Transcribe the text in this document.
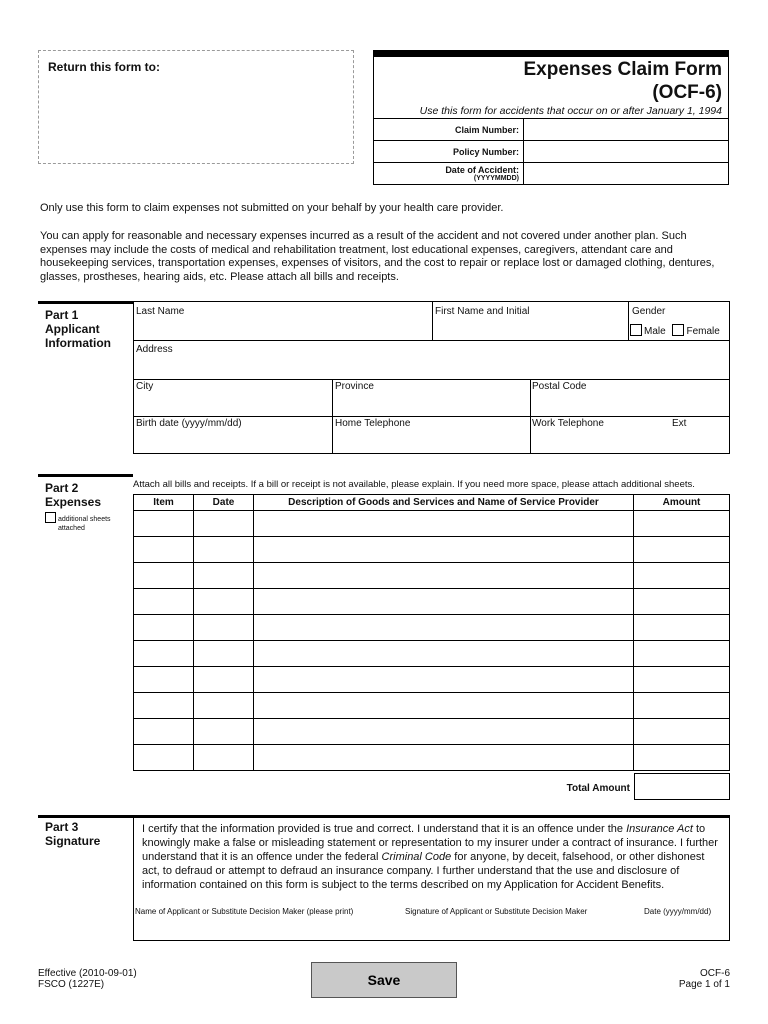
Return this form to:	Expenses Claim Form
(OCF-6)
Use this form for accidents that occur on or after January 1, 1994
Claim Number:	
Policy Number:	
Date of Accident:
(YYYYMMDD)	

Only use this form to claim expenses not submitted on your behalf by your health care provider.
You can apply for reasonable and necessary expenses incurred as a result of the accident and not covered under another plan. Such expenses may include the costs of medical and rehabilitation treatment, lost educational expenses, caregivers, attendant care and housekeeping services, transportation expenses, expenses of visitors, and the cost to repair or replace lost or damaged clothing, dentures, glasses, prostheses, hearing aids, etc. Please attach all bills and receipts.
Part 1
Applicant
Information
Last Name	First Name and Initial	Gender
Male Female
Address
City	Province	Postal Code
Birth date (yyyy/mm/dd)	Home Telephone	Work Telephone	Ext
Part 2
Expenses
additional sheets
attached
Attach all bills and receipts. If a bill or receipt is not available, please explain. If you need more space, please attach additional sheets.
Item	Date	Description of Goods and Services and Name of Service Provider	Amount

Total Amount
Part 3
Signature
I certify that the information provided is true and correct. I understand that it is an offence under the Insurance Act to knowingly make a false or misleading statement or representation to my insurer under a contract of insurance. I further understand that it is an offence under the federal Criminal Code for anyone, by deceit, falsehood, or other dishonest act, to defraud or attempt to defraud an insurance company. I further understand that the use and disclosure of information contained on this form is subject to the terms described on my Application for Accident Benefits.
Name of Applicant or Substitute Decision Maker (please print)	Signature of Applicant or Substitute Decision Maker	Date (yyyy/mm/dd)
Effective (2010-09-01)
FSCO (1227E)	Save	OCF-6
Page 1 of 1
